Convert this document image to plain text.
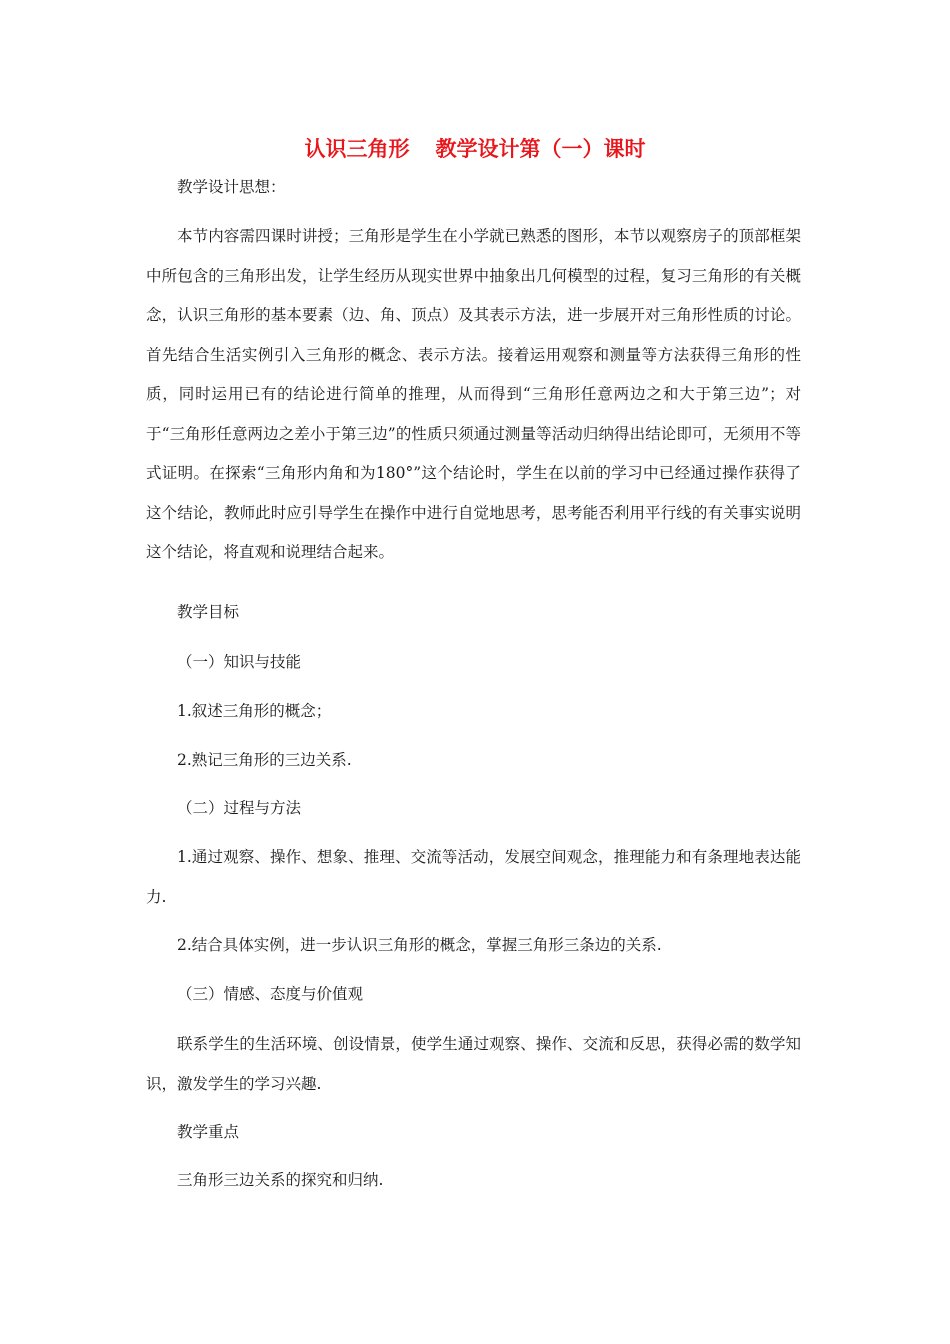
认识三角形 教学设计第（一）课时

教学设计思想：

本节内容需四课时讲授；三角形是学生在小学就已熟悉的图形，本节以观察房子的顶部框架中所包含的三角形出发，让学生经历从现实世界中抽象出几何模型的过程，复习三角形的有关概念，认识三角形的基本要素（边、角、顶点）及其表示方法，进一步展开对三角形性质的讨论。首先结合生活实例引入三角形的概念、表示方法。接着运用观察和测量等方法获得三角形的性质，同时运用已有的结论进行简单的推理，从而得到“三角形任意两边之和大于第三边”；对于“三角形任意两边之差小于第三边”的性质只须通过测量等活动归纳得出结论即可，无须用不等式证明。在探索“三角形内角和为180°”这个结论时，学生在以前的学习中已经通过操作获得了这个结论，教师此时应引导学生在操作中进行自觉地思考，思考能否利用平行线的有关事实说明这个结论，将直观和说理结合起来。

教学目标

（一）知识与技能

1.叙述三角形的概念；

2.熟记三角形的三边关系.

（二）过程与方法

1.通过观察、操作、想象、推理、交流等活动，发展空间观念，推理能力和有条理地表达能力.

2.结合具体实例，进一步认识三角形的概念，掌握三角形三条边的关系.

（三）情感、态度与价值观

联系学生的生活环境、创设情景，使学生通过观察、操作、交流和反思，获得必需的数学知识，激发学生的学习兴趣.

教学重点

三角形三边关系的探究和归纳.
